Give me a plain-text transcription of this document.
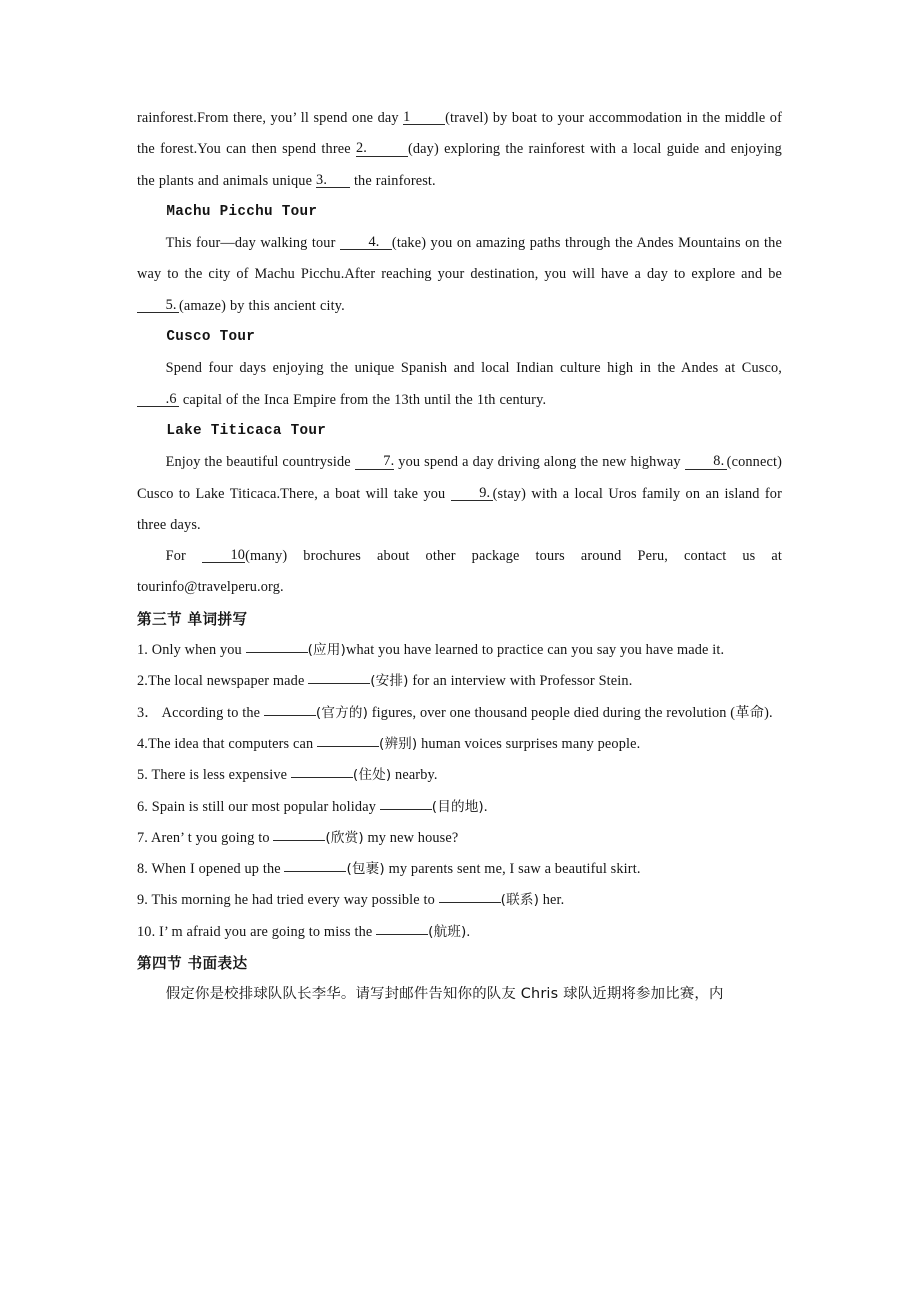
rainforest.From there, you’ ll spend one day 1 (travel) by boat to your accommodation in the middle of the forest.You can then spend three 2.	(day) exploring the rainforest with a local guide and enjoying the plants and animals unique 3. the rainforest.

Machu Picchu Tour

This four—day walking tour 4. (take) you on amazing paths through the Andes Mountains on the way to the city of Machu Picchu.After reaching your destination, you will have a day to explore and be 5. (amaze) by this ancient city.

Cusco Tour

Spend four days enjoying the unique Spanish and local Indian culture high in the Andes at Cusco, .6 capital of the Inca Empire from the 13th until the 1th century.

Lake Titicaca Tour

Enjoy the beautiful countryside 7. you spend a day driving along the new highway 8. (connect) Cusco to Lake Titicaca.There, a boat will take you 9. (stay) with a local Uros family on an island for three days.

For 10(many) brochures about other package tours around Peru, contact us at tourinfo@travelperu.org.

第三节 单词拼写

1. Only when you	(应用)what you have learned to practice can you say you have made it.

2.The local newspaper made	(安排) for an interview with Professor Stein.

3． According to the	(官方的) figures, over one thousand people died during the revolution (革命).

4.The idea that computers can	(辨别) human voices surprises many people.

5. There is less expensive	(住处) nearby.

6. Spain is still our most popular holiday	(目的地).

7. Aren’ t you going to	(欣赏) my new house?

8. When I opened up the	(包裹) my parents sent me, I saw a beautiful skirt.

9. This morning he had tried every way possible to	(联系) her.

10. I’ m afraid you are going to miss the	(航班).

第四节 书面表达

假定你是校排球队队长李华。请写封邮件告知你的队友 Chris 球队近期将参加比赛，内
